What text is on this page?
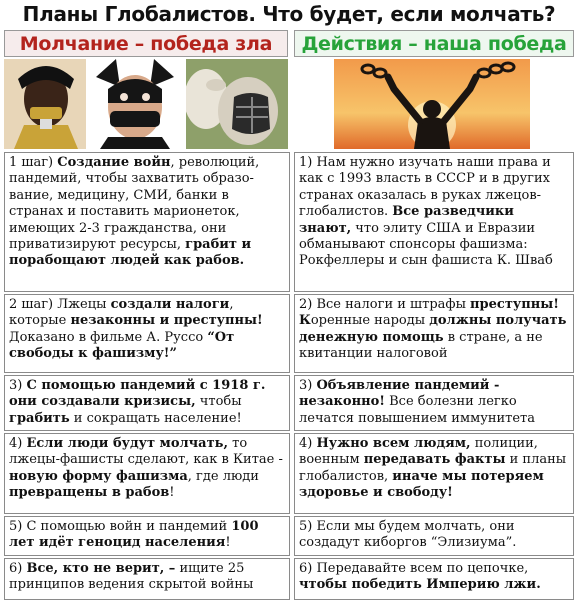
Планы Глобалистов. Что будет, если молчать?
Молчание – победа зла	Действия – наша победа
1 шаг) Создание войн, революций, пандемий, чтобы захватить образо-вание, медицину, СМИ, банки в странах и поставить марионеток, имеющих 2-3 гражданства, они приватизируют ресурсы, грабит и порабощают людей как рабов.
1) Нам нужно изучать наши права и как с 1993 власть в СССР и в других странах оказалась в руках лжецов-глобалистов. Все разведчики знают, что элиту США и Евразии обманывают спонсоры фашизма: Рокфеллеры и сын фашиста К. Шваб
2 шаг) Лжецы создали налоги, которые незаконны и преступны! Доказано в фильме А. Руссо “От свободы к фашизму!”
2) Все налоги и штрафы преступны! Коренные народы должны получать денежную помощь в стране, а не квитанции налоговой
3) С помощью пандемий с 1918 г. они создавали кризисы, чтобы грабить и сокращать население!
3) Объявление пандемий - незаконно! Все болезни легко лечатся повышением иммунитета
4) Если люди будут молчать, то лжецы-фашисты сделают, как в Китае - новую форму фашизма, где люди превращены в рабов!
4) Нужно всем людям, полиции, военным передавать факты и планы глобалистов, иначе мы потеряем здоровье и свободу!
5) С помощью войн и пандемий 100 лет идёт геноцид населения!
5) Если мы будем молчать, они создадут киборгов “Элизиума”.
6) Все, кто не верит, – ищите 25 принципов ведения скрытой войны
6) Передавайте всем по цепочке, чтобы победить Империю лжи.
